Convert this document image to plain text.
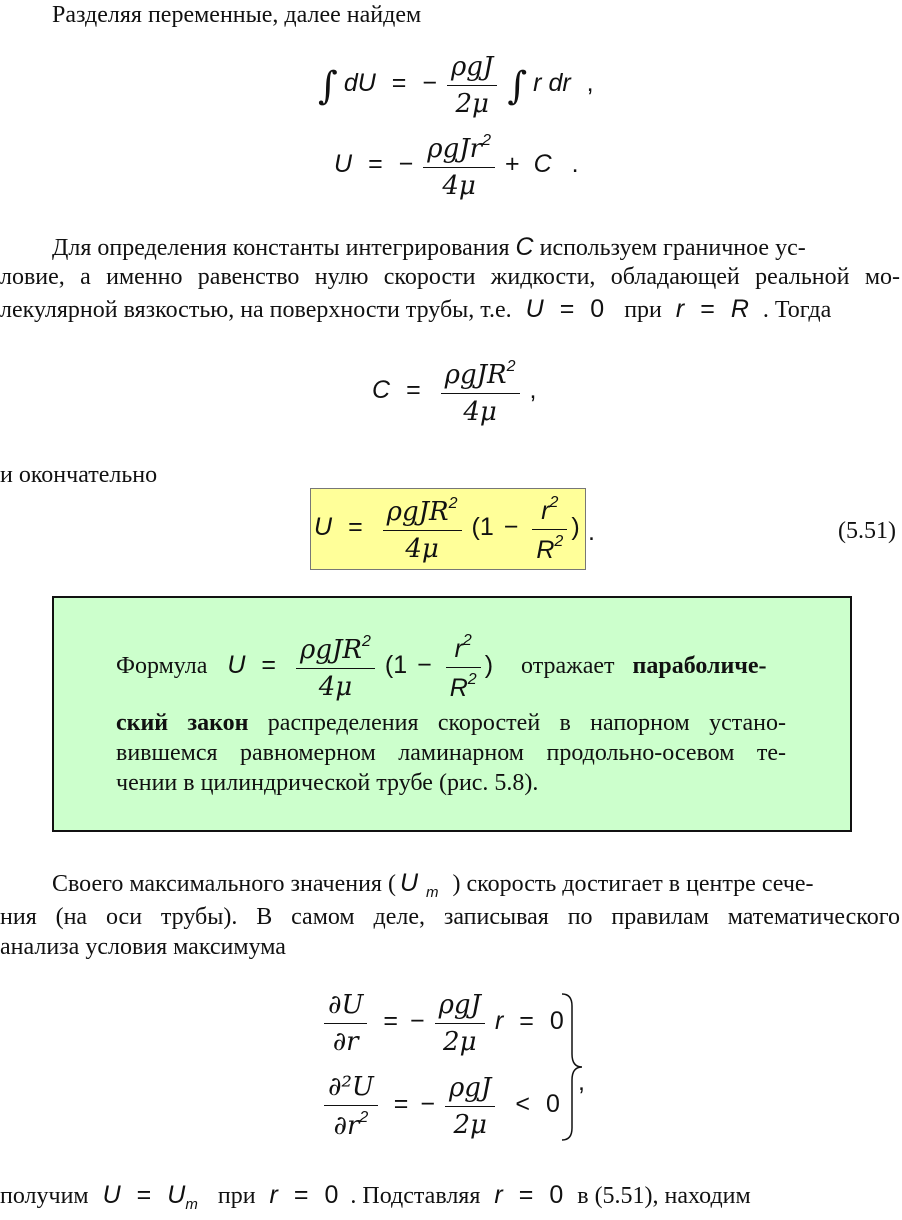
Разделяя переменные, далее найдем
∫ dU = − $\frac{\text{ρgJ}}{2\mu}$ ∫ r dr ,
U = − $\frac{\rho gJr^2}{4\mu} + C$ .
Для определения константы интегрирования C используем граничное ус-
ловие, а именно равенство нулю скорости жидкости, обладающей реальной мо-
лекулярной вязкостью, на поверхности трубы, т.е. U = 0 при r = R . Тогда
$C = \frac{\rho gJR^2}{4\mu}$ ,
и окончательно
$U = \frac{\rho gJR^2}{4\mu} (1 - \frac{r^2}{R^2}$ ) .	(5.51)
Формула $U = \frac{\rho gJR^2}{4\mu} (1 - \frac{r^2}{R^2}$ ) отражает параболиче-
ский закон распределения скоростей в напорном устано-
вившемся равномерном ламинарном продольно-осевом те-
чении в цилиндрической трубе (рис. 5.8).
Своего максимального значения ( U $_m$ ) скорость достигает в центре сече-
ния (на оси трубы). В самом деле, записывая по правилам математического
анализа условия максимума
$\frac{\partial U}{\partial r}$ = − $\frac{\text{ρgJ}}{2\mu}$ r = 0
$\frac{\text{∂²U}}{\partial r^2}$ = − $\frac{\text{ρgJ}}{2\mu} < 0$
,
получим $U = U_m$ при r = 0 . Подставляя r = 0 в (5.51), находим
